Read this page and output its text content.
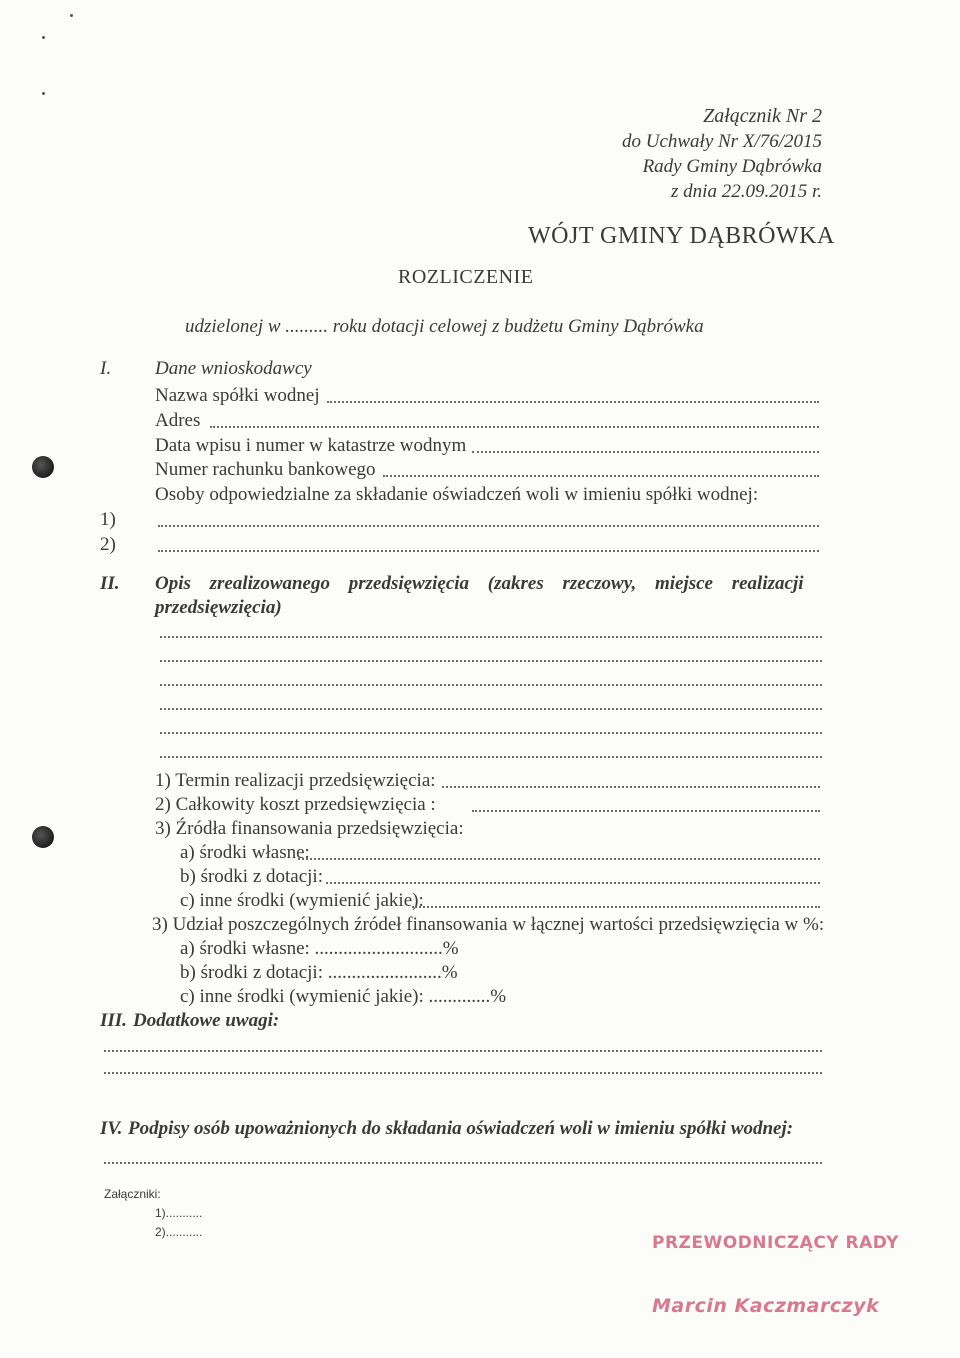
Załącznik Nr 2
do Uchwały Nr X/76/2015
Rady Gminy Dąbrówka
z dnia 22.09.2015 r.
WÓJT GMINY DĄBRÓWKA
ROZLICZENIE
udzielonej w ......... roku dotacji celowej z budżetu Gminy Dąbrówka
I. Dane wnioskodawcy
Nazwa spółki wodnej
Adres
Data wpisu i numer w katastrze wodnym
Numer rachunku bankowego
Osoby odpowiedzialne za składanie oświadczeń woli w imieniu spółki wodnej:
1)
2)
II. Opis zrealizowanego przedsięwzięcia (zakres rzeczowy, miejsce realizacji
przedsięwzięcia)
1) Termin realizacji przedsięwzięcia:
2) Całkowity koszt przedsięwzięcia :
3) Źródła finansowania przedsięwzięcia:
a) środki własne:
b) środki z dotacji:
c) inne środki (wymienić jakie):
3) Udział poszczególnych źródeł finansowania w łącznej wartości przedsięwzięcia w %:
a) środki własne: ...........................%
b) środki z dotacji: ........................%
c) inne środki (wymienić jakie): .............%
III. Dodatkowe uwagi:
IV. Podpisy osób upoważnionych do składania oświadczeń woli w imieniu spółki wodnej:
Załączniki:
1)...........
2)...........
PRZEWODNICZĄCY RADY
Marcin Kaczmarczyk
